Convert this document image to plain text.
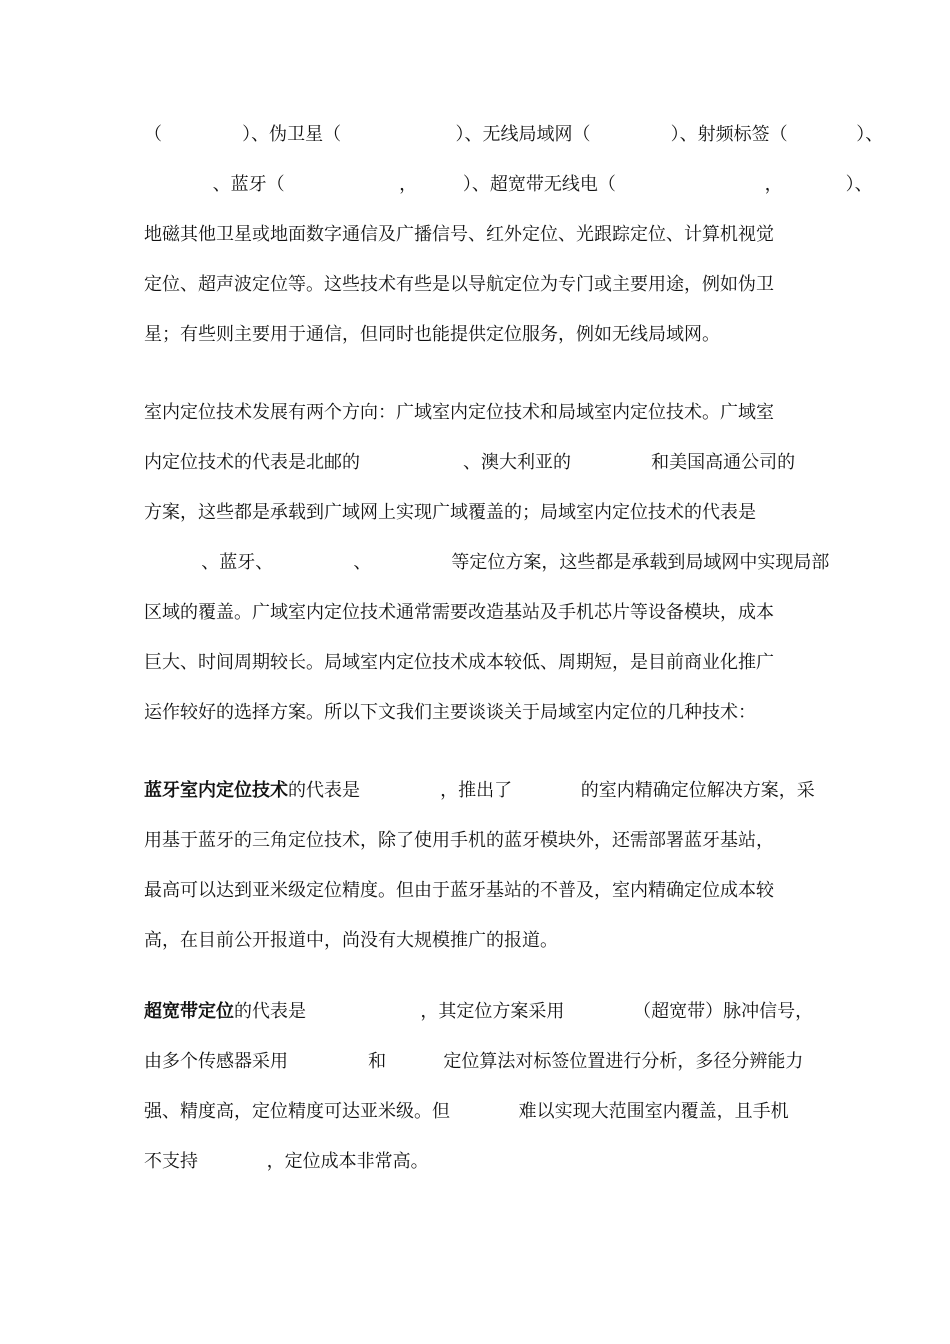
（              ）、伪卫星（                    ）、无线局域网（              ）、射频标签（            ）、
、蓝牙（                    ，        ）、超宽带无线电（                          ，           ）、
地磁其他卫星或地面数字通信及广播信号、红外定位、光跟踪定位、计算机视觉
定位、超声波定位等。这些技术有些是以导航定位为专门或主要用途，例如伪卫
星；有些则主要用于通信，但同时也能提供定位服务，例如无线局域网。
室内定位技术发展有两个方向：广域室内定位技术和局域室内定位技术。广域室
内定位技术的代表是北邮的                  、澳大利亚的              和美国高通公司的
方案，这些都是承载到广域网上实现广域覆盖的；局域室内定位技术的代表是
、蓝牙、              、              等定位方案，这些都是承载到局域网中实现局部
区域的覆盖。广域室内定位技术通常需要改造基站及手机芯片等设备模块，成本
巨大、时间周期较长。局域室内定位技术成本较低、周期短，是目前商业化推广
运作较好的选择方案。所以下文我们主要谈谈关于局域室内定位的几种技术：
蓝牙室内定位技术的代表是              ，推出了            的室内精确定位解决方案，采
用基于蓝牙的三角定位技术，除了使用手机的蓝牙模块外，还需部署蓝牙基站，
最高可以达到亚米级定位精度。但由于蓝牙基站的不普及，室内精确定位成本较
高，在目前公开报道中，尚没有大规模推广的报道。
超宽带定位的代表是                    ，其定位方案采用            （超宽带）脉冲信号，
由多个传感器采用              和          定位算法对标签位置进行分析，多径分辨能力
强、精度高，定位精度可达亚米级。但            难以实现大范围室内覆盖，且手机
不支持            ，定位成本非常高。
